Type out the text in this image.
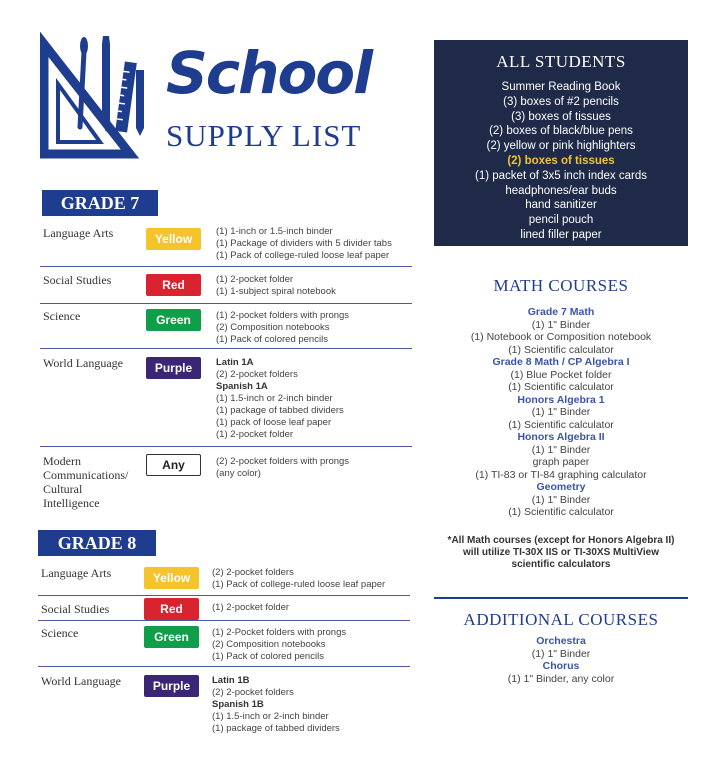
School
SUPPLY LIST
GRADE 7
Language Arts	Yellow
(1) 1-inch or 1.5-inch binder
(1) Package of dividers with 5 divider tabs
(1) Pack of college-ruled loose leaf paper
Social Studies	Red	(1) 2-pocket folder
(1) 1-subject spiral notebook
Science	Green	(1) 2-pocket folders with prongs
(2) Composition notebooks
(1) Pack of colored pencils
World Language	Purple	Latin 1A
(2) 2-pocket folders
Spanish 1A
(1) 1.5-inch or 2-inch binder
(1) package of tabbed dividers
(1) pack of loose leaf paper
(1) 2-pocket folder
Modern
Communications/
Cultural
Intelligence
Any	(2) 2-pocket folders with prongs
(any color)
GRADE 8
Language Arts	Yellow	(2) 2-pocket folders
(1) Pack of college-ruled loose leaf paper
Social Studies	Red	(1) 2-pocket folder
Science	Green	(1) 2-Pocket folders with prongs
(2) Composition notebooks
(1) Pack of colored pencils
World Language	Purple	Latin 1B
(2) 2-pocket folders
Spanish 1B
(1) 1.5-inch or 2-inch binder
(1) package of tabbed dividers
ALL STUDENTS
Summer Reading Book
(3) boxes of #2 pencils
(3) boxes of tissues
(2) boxes of black/blue pens
(2) yellow or pink highlighters
(2) boxes of tissues
(1) packet of 3x5 inch index cards
headphones/ear buds
hand sanitizer
pencil pouch
lined filler paper
MATH COURSES
Grade 7 Math
(1) 1" Binder
(1) Notebook or Composition notebook
(1) Scientific calculator
Grade 8 Math / CP Algebra I
(1) Blue Pocket folder
(1) Scientific calculator
Honors Algebra 1
(1) 1" Binder
(1) Scientific calculator
Honors Algebra II
(1) 1" Binder
graph paper
(1) TI-83 or TI-84 graphing calculator
Geometry
(1) 1" Binder
(1) Scientific calculator
*All Math courses (except for Honors Algebra II)
will utilize TI-30X IIS or TI-30XS MultiView
scientific calculators
ADDITIONAL COURSES
Orchestra
(1) 1" Binder
Chorus
(1) 1" Binder, any color
